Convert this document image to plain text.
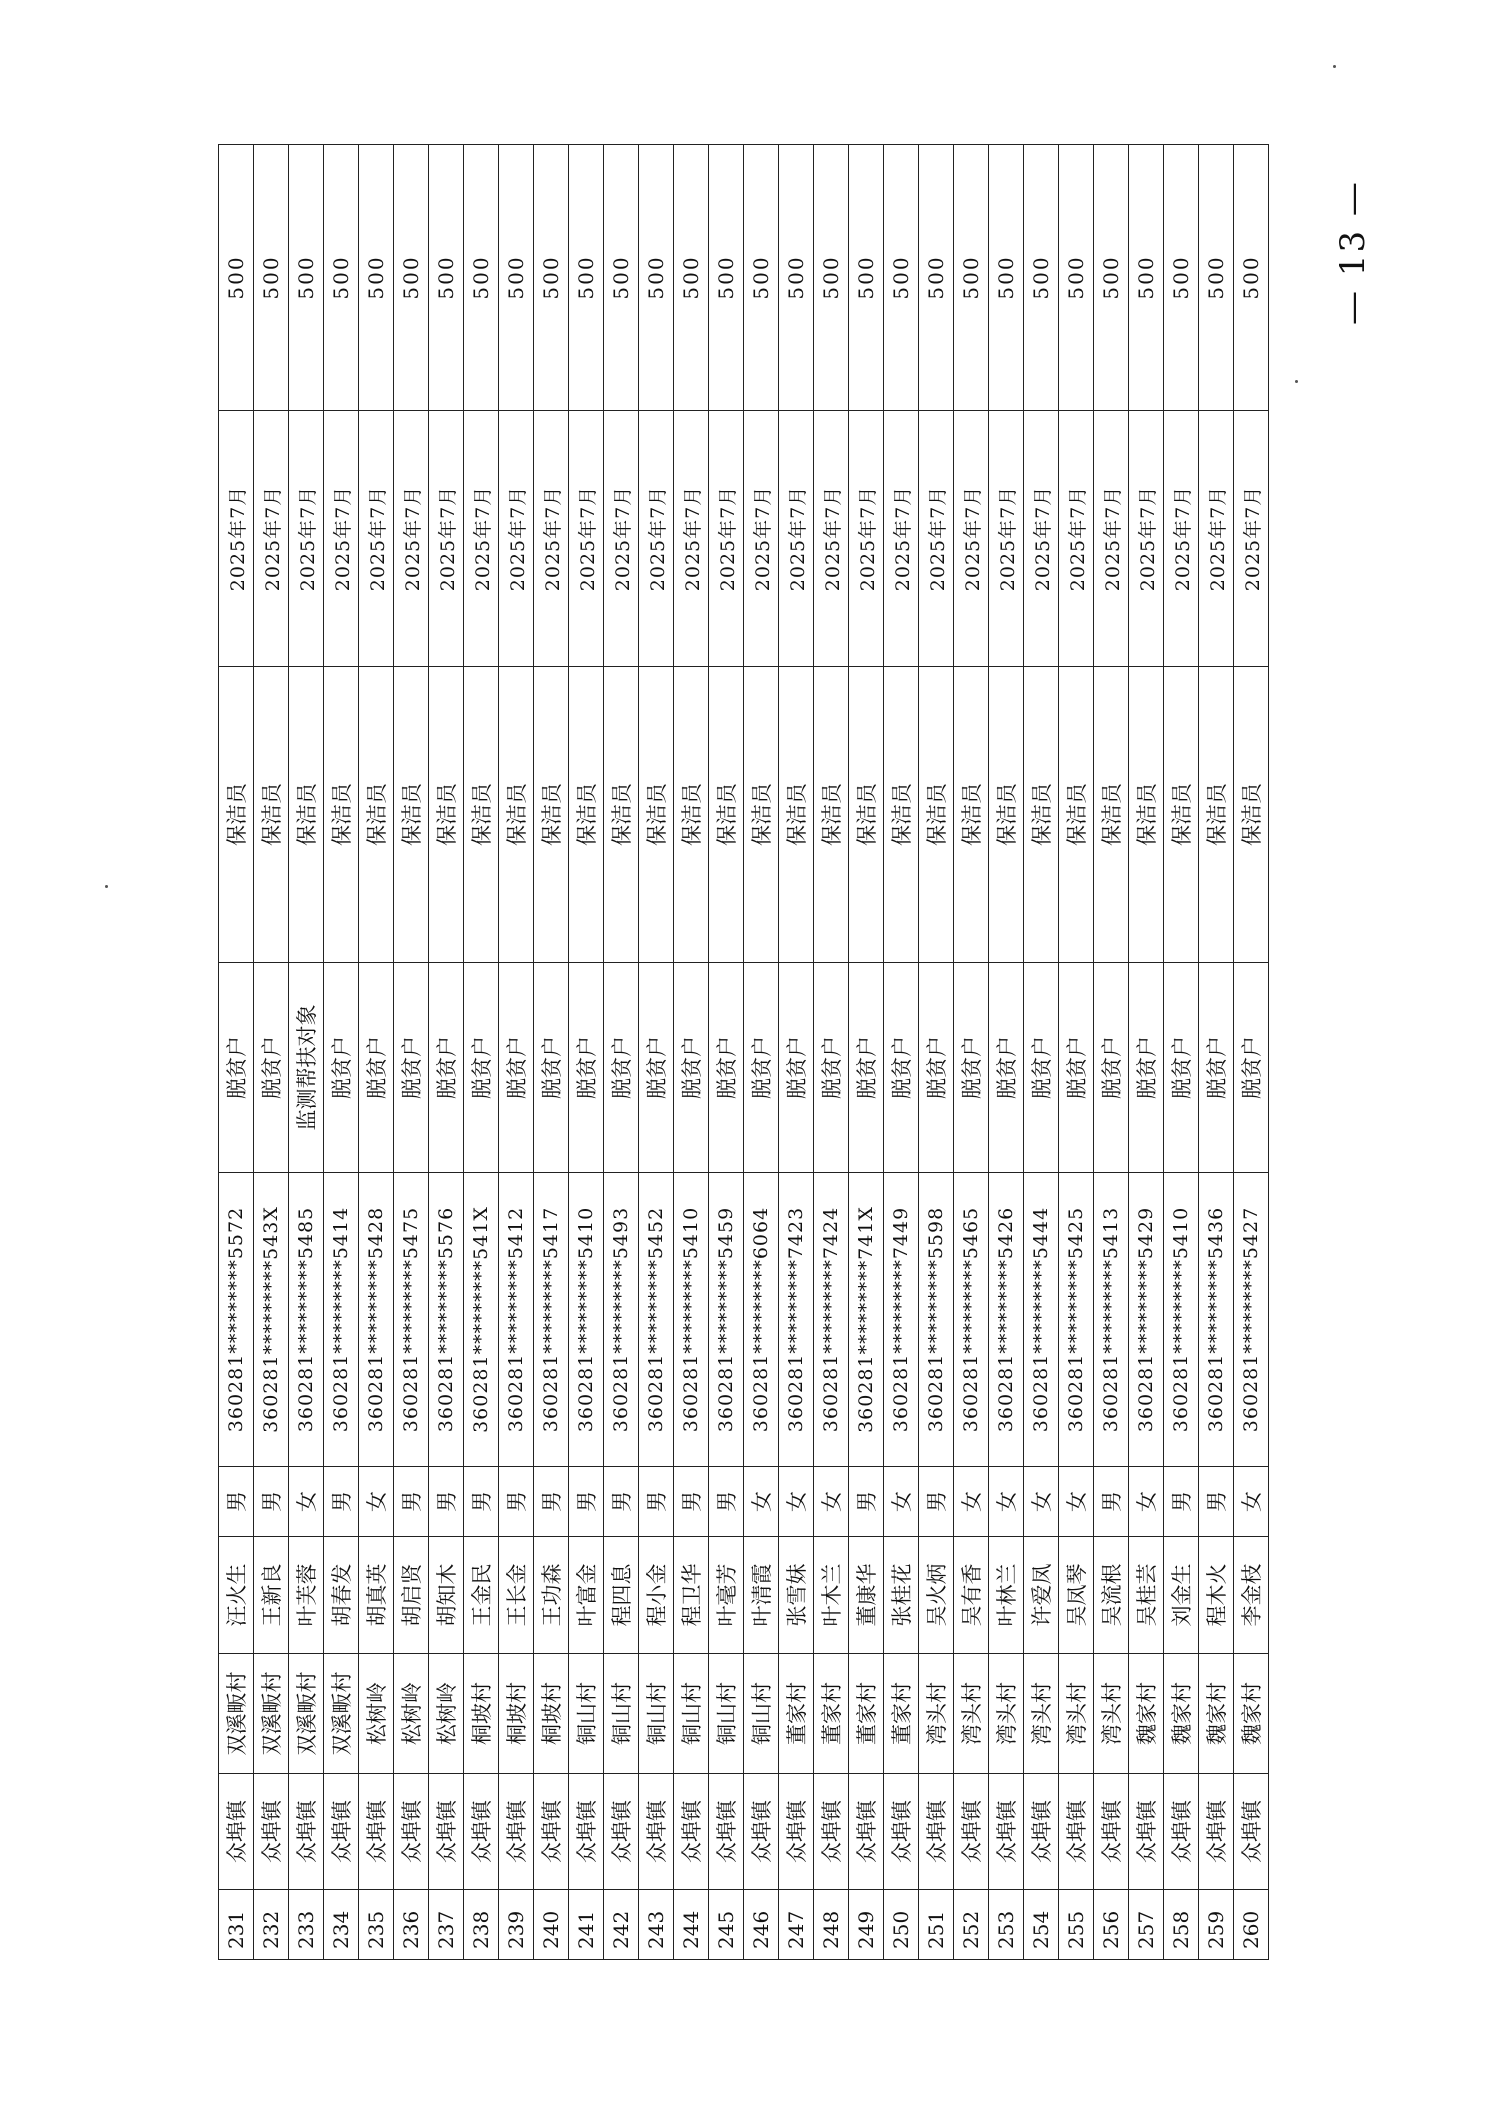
231	众埠镇	双溪畈村	汪火生	男	360281*********5572	脱贫户	保洁员	2025年7月	500
232	众埠镇	双溪畈村	王新良	男	360281*********543X	脱贫户	保洁员	2025年7月	500
233	众埠镇	双溪畈村	叶芙蓉	女	360281*********5485	监测帮扶对象	保洁员	2025年7月	500
234	众埠镇	双溪畈村	胡春发	男	360281*********5414	脱贫户	保洁员	2025年7月	500
235	众埠镇	松树岭	胡真英	女	360281*********5428	脱贫户	保洁员	2025年7月	500
236	众埠镇	松树岭	胡启贤	男	360281*********5475	脱贫户	保洁员	2025年7月	500
237	众埠镇	松树岭	胡知木	男	360281*********5576	脱贫户	保洁员	2025年7月	500
238	众埠镇	桐坡村	王金民	男	360281*********541X	脱贫户	保洁员	2025年7月	500
239	众埠镇	桐坡村	王长金	男	360281*********5412	脱贫户	保洁员	2025年7月	500
240	众埠镇	桐坡村	王功森	男	360281*********5417	脱贫户	保洁员	2025年7月	500
241	众埠镇	铜山村	叶富金	男	360281*********5410	脱贫户	保洁员	2025年7月	500
242	众埠镇	铜山村	程四息	男	360281*********5493	脱贫户	保洁员	2025年7月	500
243	众埠镇	铜山村	程小金	男	360281*********5452	脱贫户	保洁员	2025年7月	500
244	众埠镇	铜山村	程卫华	男	360281*********5410	脱贫户	保洁员	2025年7月	500
245	众埠镇	铜山村	叶毫芳	男	360281*********5459	脱贫户	保洁员	2025年7月	500
246	众埠镇	铜山村	叶清霞	女	360281*********6064	脱贫户	保洁员	2025年7月	500
247	众埠镇	董家村	张雪妹	女	360281*********7423	脱贫户	保洁员	2025年7月	500
248	众埠镇	董家村	叶木兰	女	360281*********7424	脱贫户	保洁员	2025年7月	500
249	众埠镇	董家村	董康华	男	360281*********741X	脱贫户	保洁员	2025年7月	500
250	众埠镇	董家村	张桂花	女	360281*********7449	脱贫户	保洁员	2025年7月	500
251	众埠镇	湾头村	吴火炳	男	360281*********5598	脱贫户	保洁员	2025年7月	500
252	众埠镇	湾头村	吴有香	女	360281*********5465	脱贫户	保洁员	2025年7月	500
253	众埠镇	湾头村	叶林兰	女	360281*********5426	脱贫户	保洁员	2025年7月	500
254	众埠镇	湾头村	许爱凤	女	360281*********5444	脱贫户	保洁员	2025年7月	500
255	众埠镇	湾头村	吴凤琴	女	360281*********5425	脱贫户	保洁员	2025年7月	500
256	众埠镇	湾头村	吴流根	男	360281*********5413	脱贫户	保洁员	2025年7月	500
257	众埠镇	魏家村	吴桂芸	女	360281*********5429	脱贫户	保洁员	2025年7月	500
258	众埠镇	魏家村	刘金生	男	360281*********5410	脱贫户	保洁员	2025年7月	500
259	众埠镇	魏家村	程木火	男	360281*********5436	脱贫户	保洁员	2025年7月	500
260	众埠镇	魏家村	李金枝	女	360281*********5427	脱贫户	保洁员	2025年7月	500 — 13 —
